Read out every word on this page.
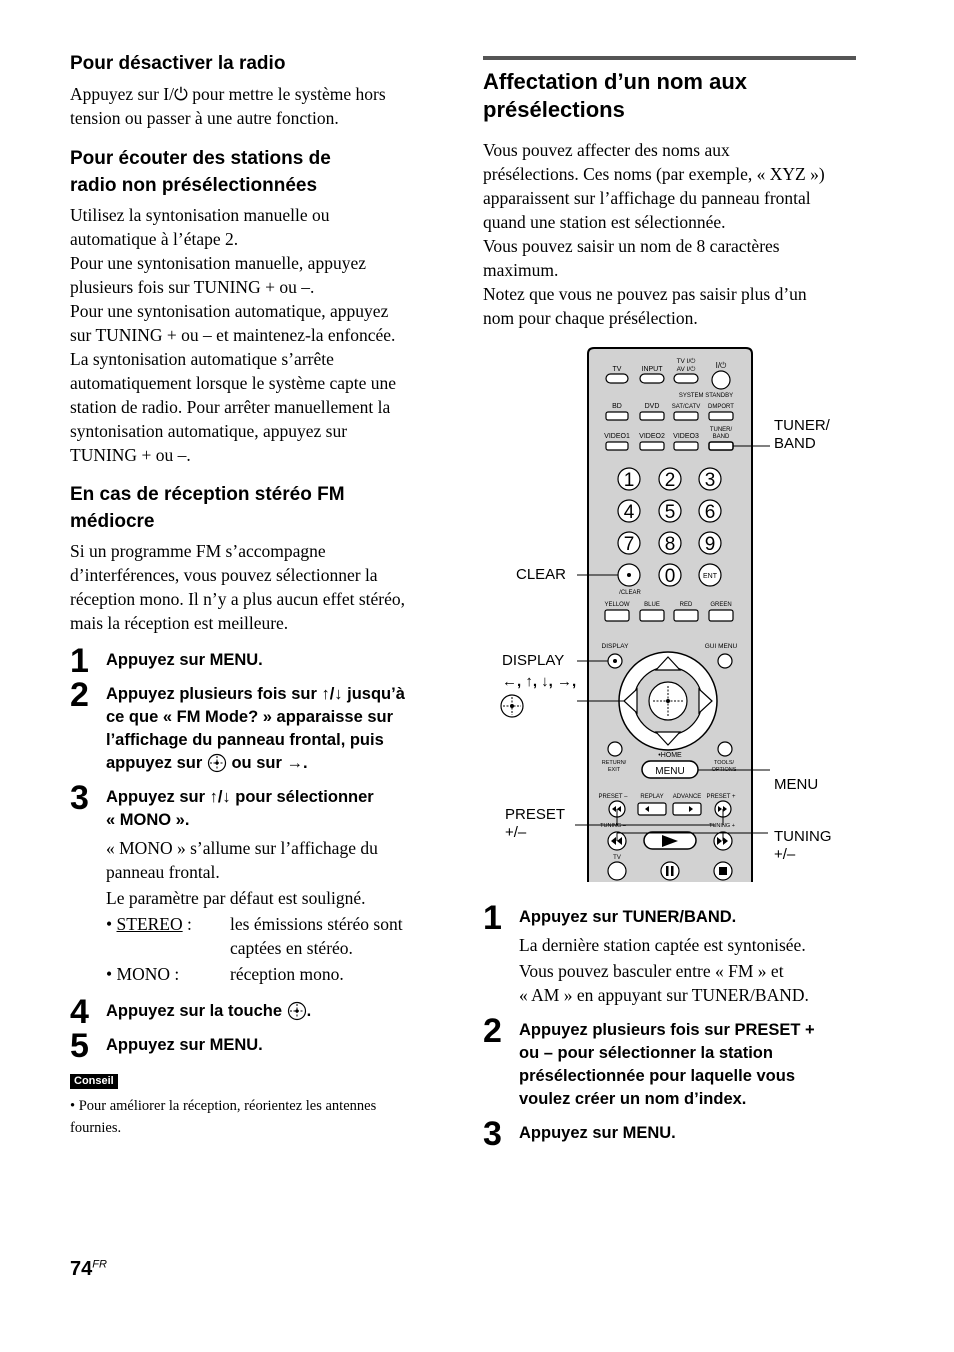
Pour désactiver la radio

Appuyez sur I/⏻ pour mettre le système hors
tension ou passer à une autre fonction.

Pour écouter des stations de
radio non présélectionnées

Utilisez la syntonisation manuelle ou
automatique à l’étape 2.
Pour une syntonisation manuelle, appuyez
plusieurs fois sur TUNING + ou –.
Pour une syntonisation automatique, appuyez
sur TUNING + ou – et maintenez-la enfoncée.
La syntonisation automatique s’arrête
automatiquement lorsque le système capte une
station de radio. Pour arrêter manuellement la
syntonisation automatique, appuyez sur
TUNING + ou –.

En cas de réception stéréo FM
médiocre

Si un programme FM s’accompagne
d’interférences, vous pouvez sélectionner la
réception mono. Il n’y a plus aucun effet stéréo,
mais la réception est meilleure.

1 Appuyez sur MENU.
2 Appuyez plusieurs fois sur ↑/↓ jusqu’à
ce que « FM Mode? » apparaisse sur
l’affichage du panneau frontal, puis
appuyez sur ou sur →.
3 Appuyez sur ↑/↓ pour sélectionner
« MONO ».
« MONO » s’allume sur l’affichage du
panneau frontal.
Le paramètre par défaut est souligné.
• STEREO :	les émissions stéréo sont
captées en stéréo.
• MONO :	réception mono.
4 Appuyez sur la touche .
5 Appuyez sur MENU.
Conseil
• Pour améliorer la réception, réorientez les antennes
fournies.

Affectation d’un nom aux
présélections

Vous pouvez affecter des noms aux
présélections. Ces noms (par exemple, « XYZ »)
apparaissent sur l’affichage du panneau frontal
quand une station est sélectionnée.
Vous pouvez saisir un nom de 8 caractères
maximum.
Notez que vous ne pouvez pas saisir plus d’un
nom pour chaque présélection.

TV	INPUT
TV I/⏻
AV I/⏻	I/⏻
SYSTEM STANDBY
BD	DVD SAT/CATV DMPORT
TUNER/
BAND
VIDEO1 VIDEO2 VIDEO3
1 2 3
4 5 6
7 8 9
/CLEAR
0	ENT
YELLOW BLUE	RED	GREEN
DISPLAY	GUI MENU
RETURN/
EXIT
TOOLS/
OPTIONS
•HOME
MENU
PRESET – REPLAY ADVANCE PRESET +
TUNING –	TUNING +
TV
TUNER/
BAND
CLEAR
DISPLAY
←, ↑, ↓, →,
MENU
PRESET
+/–	TUNING
+/–
1 Appuyez sur TUNER/BAND.
La dernière station captée est syntonisée.
Vous pouvez basculer entre « FM » et
« AM » en appuyant sur TUNER/BAND.
2 Appuyez plusieurs fois sur PRESET +
ou – pour sélectionner la station
présélectionnée pour laquelle vous
voulez créer un nom d’index.
3 Appuyez sur MENU.
$74^{FR}$
